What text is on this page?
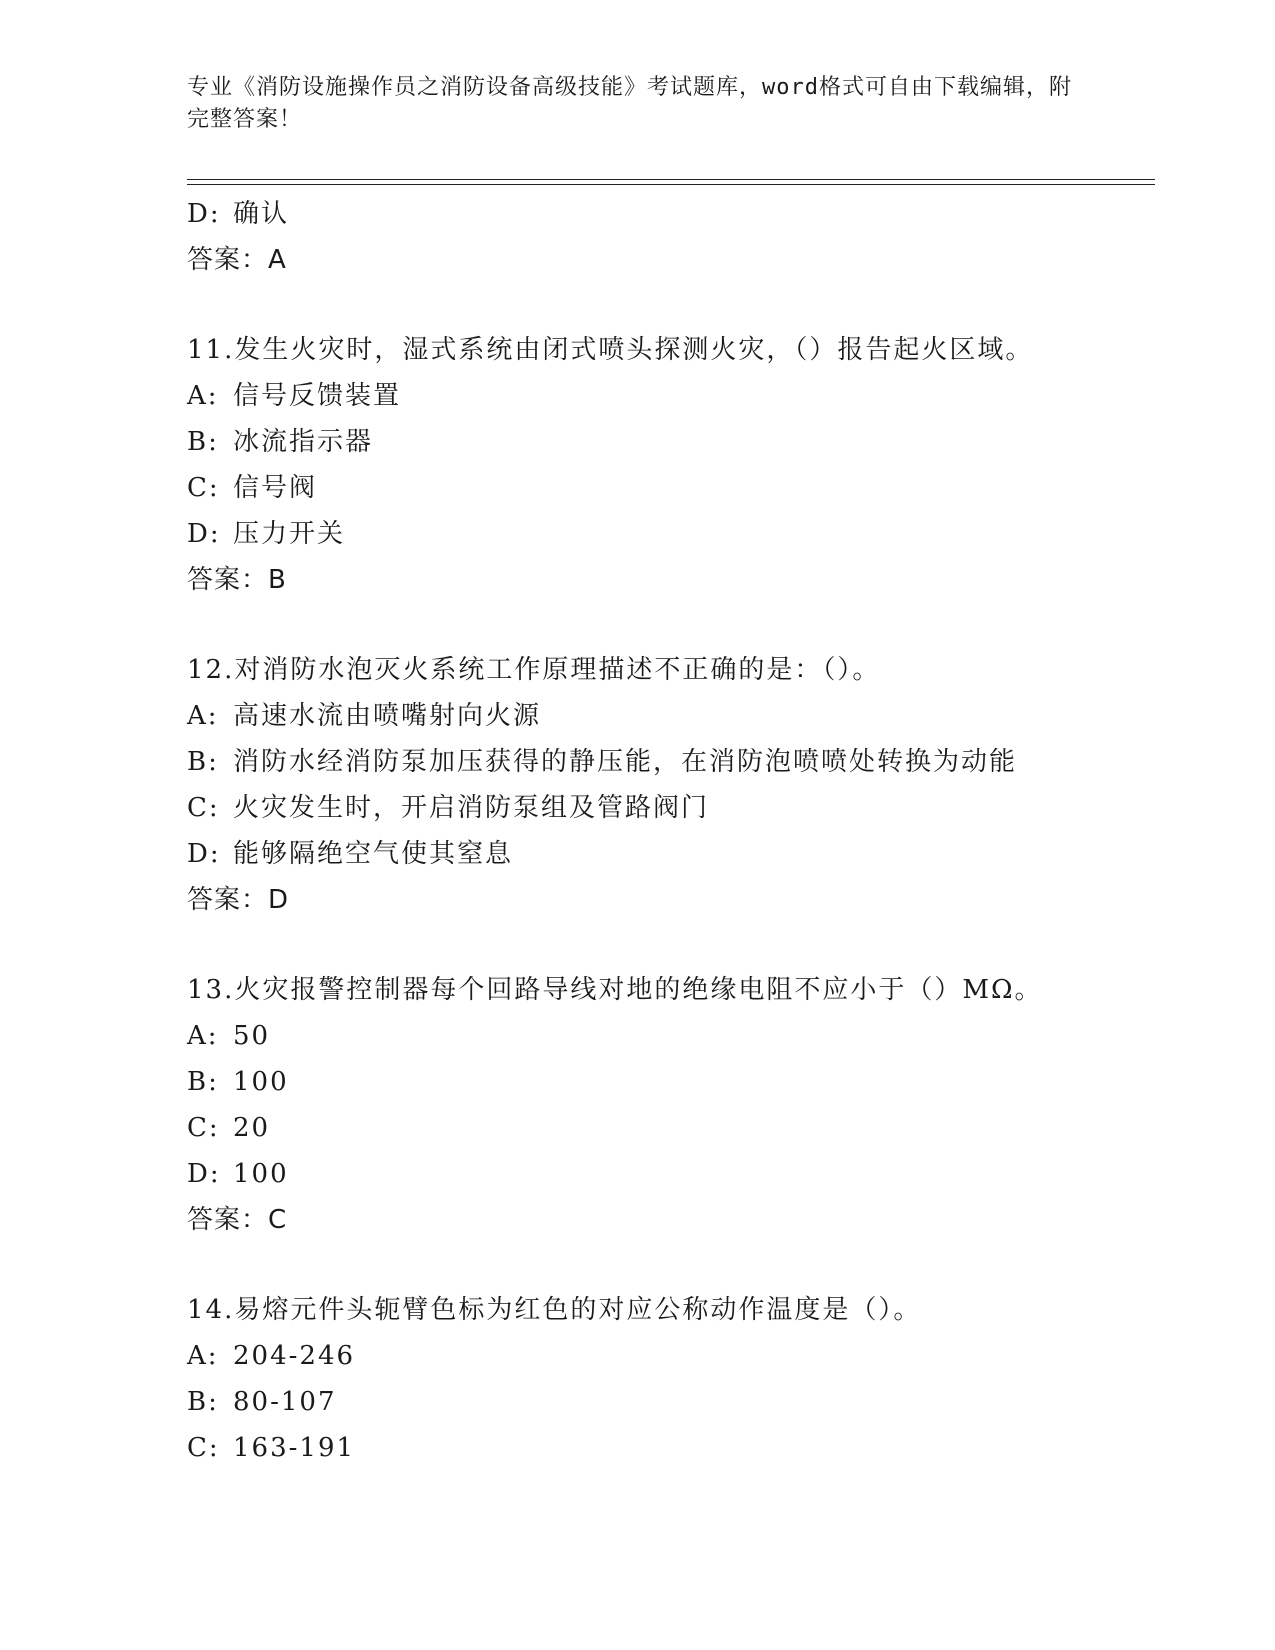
专业《消防设施操作员之消防设备高级技能》考试题库，word格式可自由下载编辑，附完整答案！
D: 确认
答案：A
11.发生火灾时，湿式系统由闭式喷头探测火灾，（）报告起火区域。
A: 信号反馈装置
B: 冰流指示器
C: 信号阀
D: 压力开关
答案：B
12.对消防水泡灭火系统工作原理描述不正确的是：（）。
A: 高速水流由喷嘴射向火源
B: 消防水经消防泵加压获得的静压能，在消防泡喷喷处转换为动能
C: 火灾发生时，开启消防泵组及管路阀门
D: 能够隔绝空气使其窒息
答案：D
13.火灾报警控制器每个回路导线对地的绝缘电阻不应小于（）MΩ。
A: 50
B: 100
C: 20
D: 100
答案：C
14.易熔元件头轭臂色标为红色的对应公称动作温度是（）。
A: 204-246
B: 80-107
C: 163-191
